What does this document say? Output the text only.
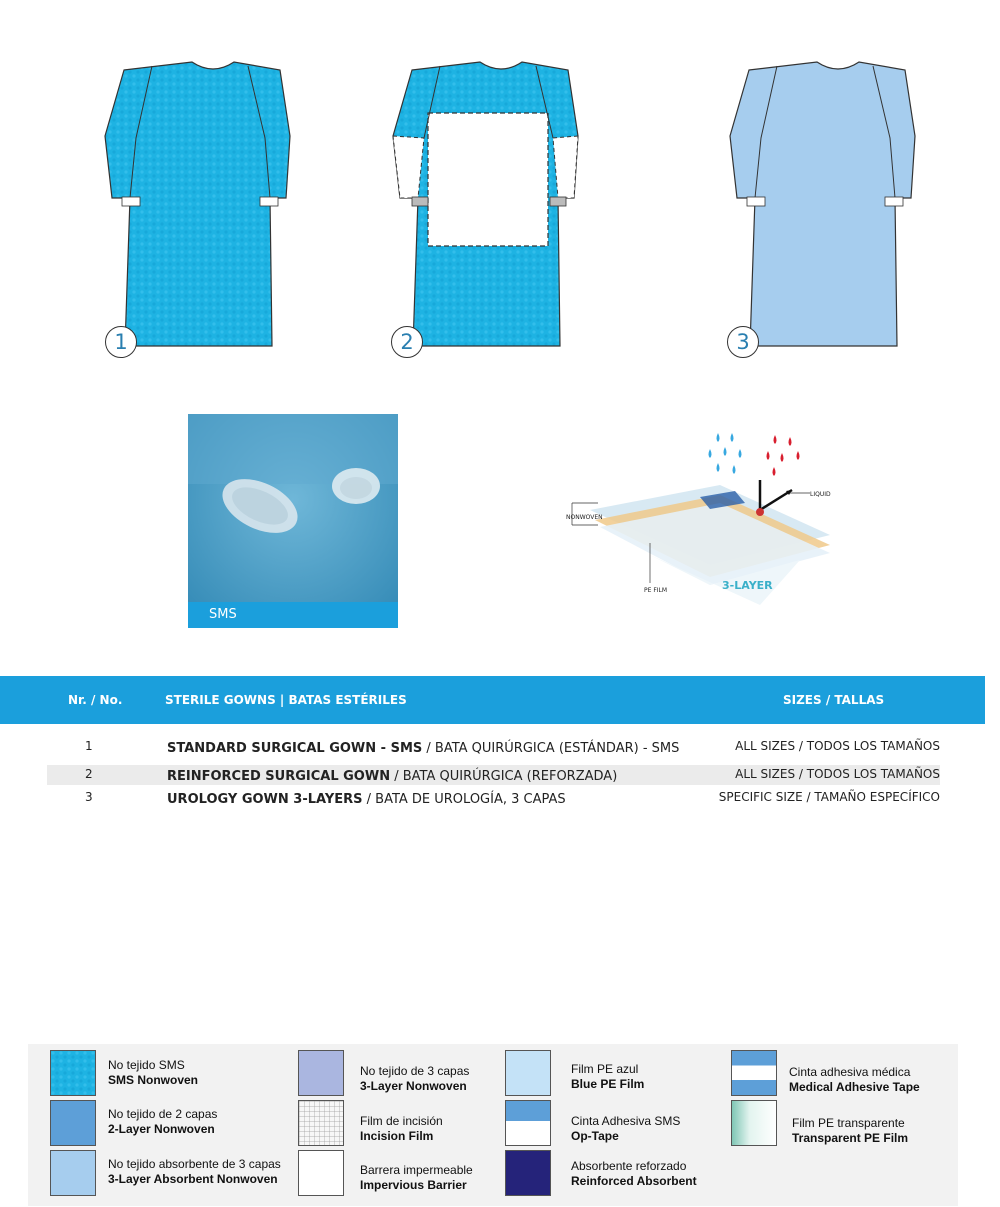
1	2	3
SMS
NONWOVEN
LIQUID
PE FILM	3-LAYER
Nr. / No.	STERILE GOWNS | BATAS ESTÉRILES	SIZES / TALLAS
1	STANDARD SURGICAL GOWN - SMS / BATA QUIRÚRGICA (ESTÁNDAR) - SMS	ALL SIZES / TODOS LOS TAMAÑOS
2	REINFORCED SURGICAL GOWN / BATA QUIRÚRGICA (REFORZADA)	ALL SIZES / TODOS LOS TAMAÑOS
3	UROLOGY GOWN 3-LAYERS / BATA DE UROLOGÍA, 3 CAPAS	SPECIFIC SIZE / TAMAÑO ESPECÍFICO
No tejido SMS
SMS Nonwoven
No tejido de 2 capas
2-Layer Nonwoven
No tejido absorbente de 3 capas
3-Layer Absorbent Nonwoven
No tejido de 3 capas
3-Layer Nonwoven
Film de incisión
Incision Film
Barrera impermeable
Impervious Barrier
Film PE azul
Blue PE Film
Cinta Adhesiva SMS
Op-Tape
Absorbente reforzado
Reinforced Absorbent
Cinta adhesiva médica
Medical Adhesive Tape
Film PE transparente
Transparent PE Film
